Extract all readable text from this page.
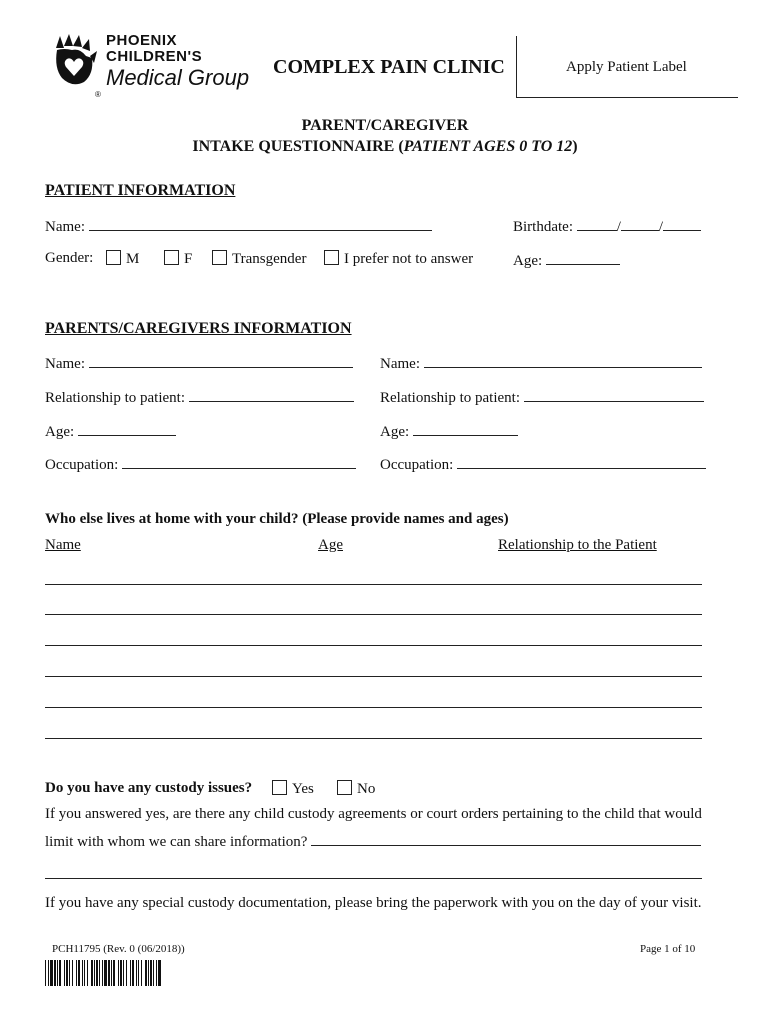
PHOENIX
CHILDREN'S
Medical Group
®
COMPLEX PAIN CLINIC	Apply Patient Label
PARENT/CAREGIVER
INTAKE QUESTIONNAIRE (PATIENT AGES 0 TO 12)
PATIENT INFORMATION
Name:	Birthdate:	/	/
Gender:	M	F	Transgender	I prefer not to answer	Age:
PARENTS/CAREGIVERS INFORMATION
Name:	Name:
Relationship to patient:	Relationship to patient:
Age:	Age:
Occupation:	Occupation:
Who else lives at home with your child? (Please provide names and ages)
Name	Age	Relationship to the Patient
Do you have any custody issues?	Yes	No
If you answered yes, are there any child custody agreements or court orders pertaining to the child that would
limit with whom we can share information?
If you have any special custody documentation, please bring the paperwork with you on the day of your visit.
PCH11795 (Rev. 0 (06/2018))	Page 1 of 10
